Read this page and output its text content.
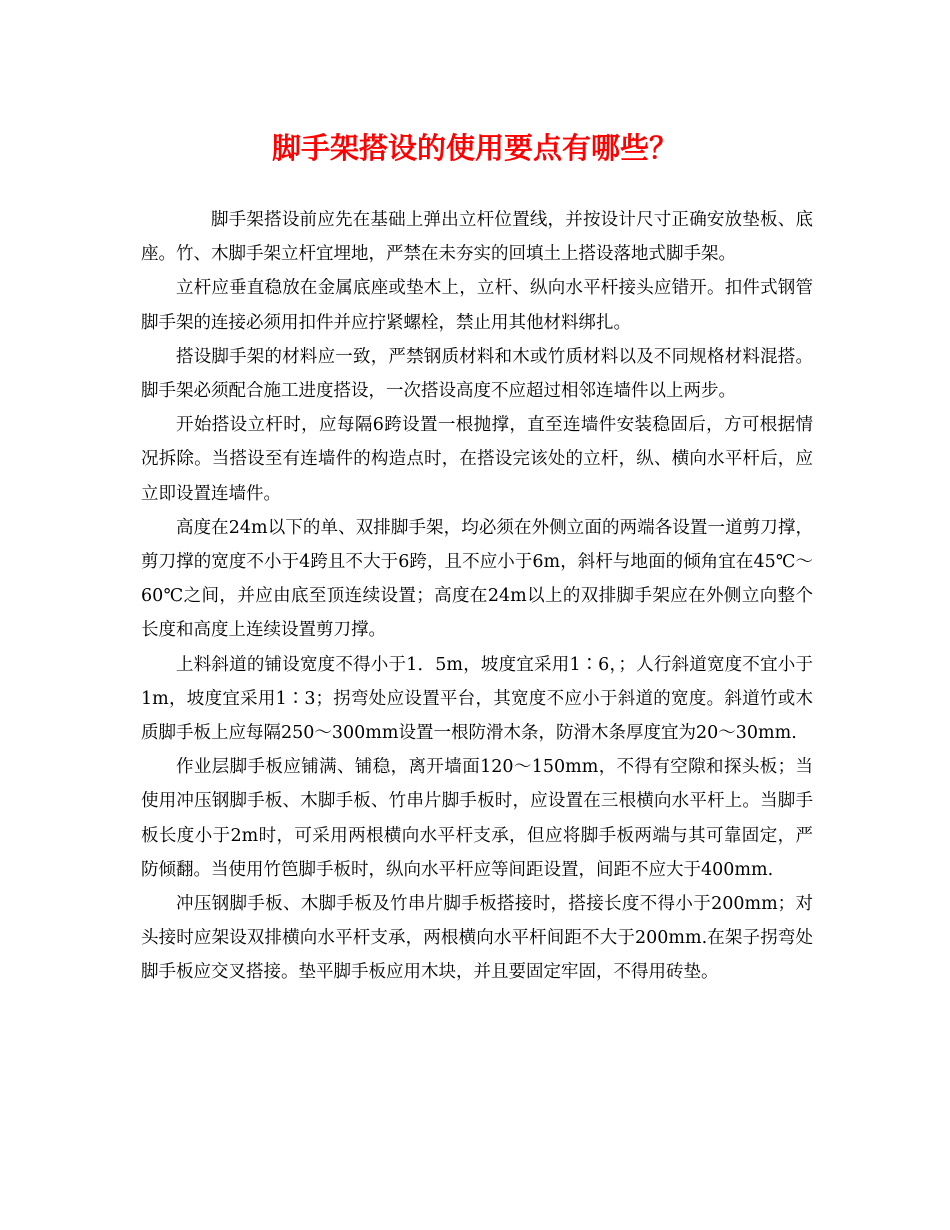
脚手架搭设的使用要点有哪些？

脚手架搭设前应先在基础上弹出立杆位置线，并按设计尺寸正确安放垫板、底座。竹、木脚手架立杆宜埋地，严禁在未夯实的回填土上搭设落地式脚手架。

立杆应垂直稳放在金属底座或垫木上，立杆、纵向水平杆接头应错开。扣件式钢管脚手架的连接必须用扣件并应拧紧螺栓，禁止用其他材料绑扎。

搭设脚手架的材料应一致，严禁钢质材料和木或竹质材料以及不同规格材料混搭。脚手架必须配合施工进度搭设，一次搭设高度不应超过相邻连墙件以上两步。

开始搭设立杆时，应每隔6跨设置一根抛撑，直至连墙件安装稳固后，方可根据情况拆除。当搭设至有连墙件的构造点时，在搭设完该处的立杆，纵、横向水平杆后，应立即设置连墙件。

高度在24m以下的单、双排脚手架，均必须在外侧立面的两端各设置一道剪刀撑，剪刀撑的宽度不小于4跨且不大于6跨，且不应小于6m，斜杆与地面的倾角宜在45℃～60℃之间，并应由底至顶连续设置；高度在24m以上的双排脚手架应在外侧立向整个长度和高度上连续设置剪刀撑。

上料斜道的铺设宽度不得小于1．5m，坡度宜采用1∶6，；人行斜道宽度不宜小于1m，坡度宜采用1∶3；拐弯处应设置平台，其宽度不应小于斜道的宽度。斜道竹或木质脚手板上应每隔250～300mm设置一根防滑木条，防滑木条厚度宜为20～30mm.

作业层脚手板应铺满、铺稳，离开墙面120～150mm，不得有空隙和探头板；当使用冲压钢脚手板、木脚手板、竹串片脚手板时，应设置在三根横向水平杆上。当脚手板长度小于2m时，可采用两根横向水平杆支承，但应将脚手板两端与其可靠固定，严防倾翻。当使用竹笆脚手板时，纵向水平杆应等间距设置，间距不应大于400mm.

冲压钢脚手板、木脚手板及竹串片脚手板搭接时，搭接长度不得小于200mm；对头接时应架设双排横向水平杆支承，两根横向水平杆间距不大于200mm.在架子拐弯处脚手板应交叉搭接。垫平脚手板应用木块，并且要固定牢固，不得用砖垫。
